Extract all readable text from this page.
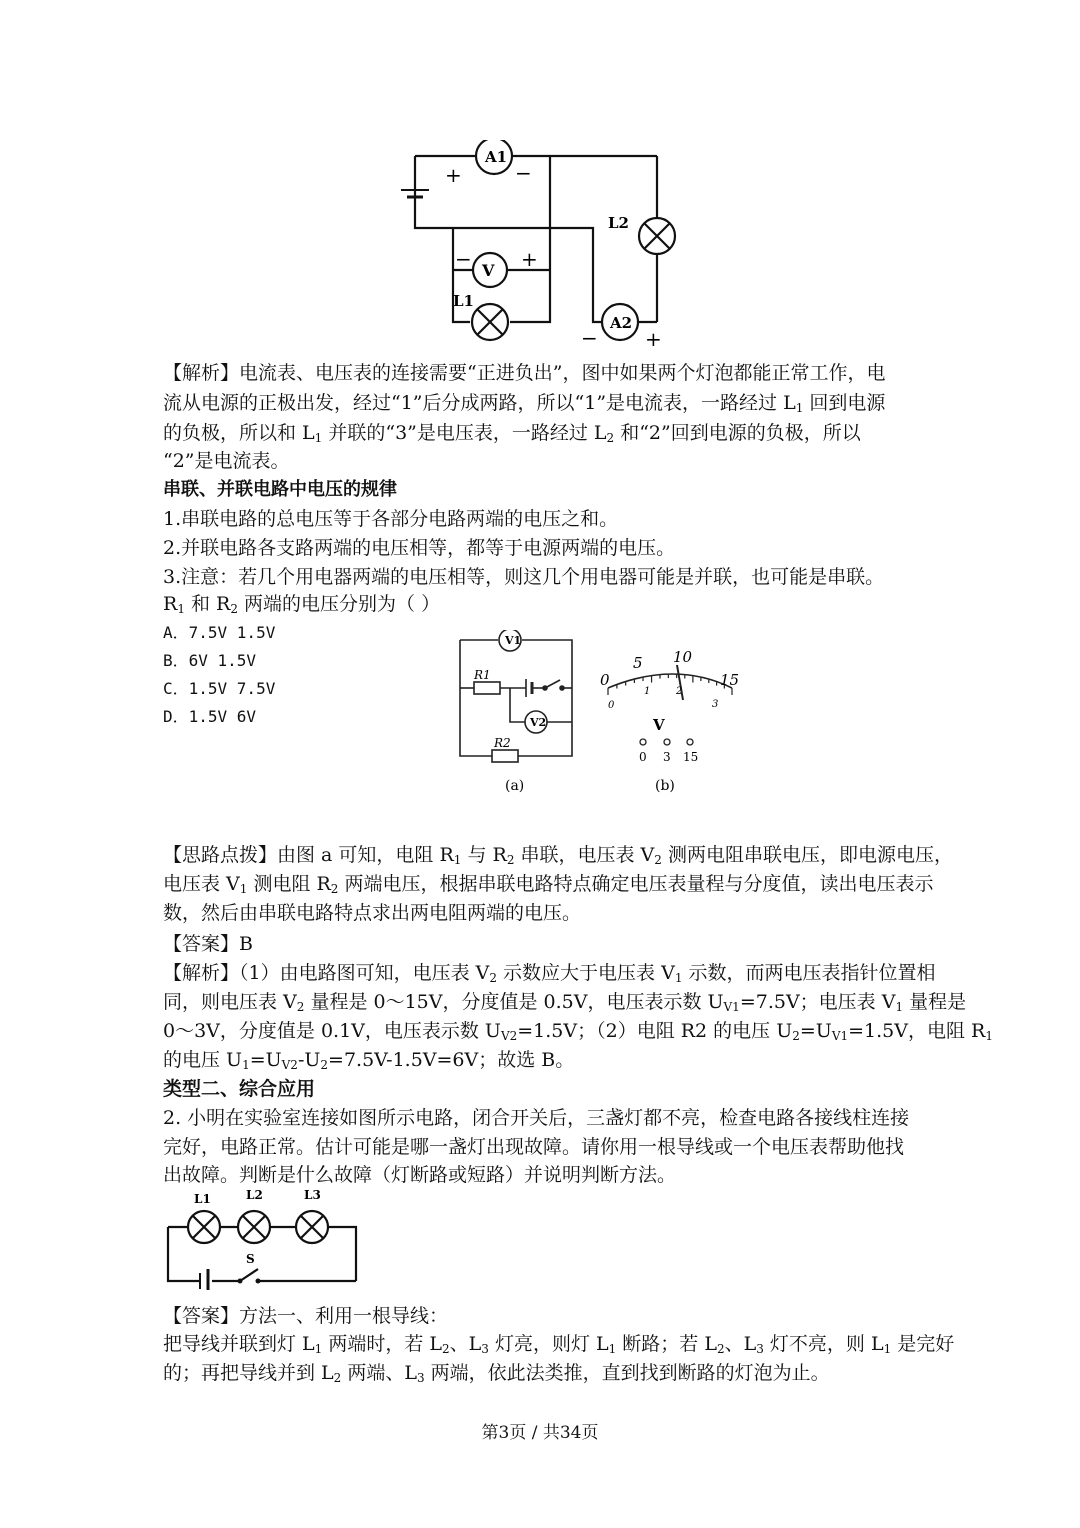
A1
V
A2
L1
L2
+	−
− +
− +

【解析】电流表、电压表的连接需要“正进负出”，图中如果两个灯泡都能正常工作，电

流从电源的正极出发，经过“1”后分成两路，所以“1”是电流表，一路经过 $L_1$ 回到电源

的负极，所以和 $L_1$ 并联的“3”是电压表，一路经过 $L_2$ 和“2”回到电源的负极，所以

“2”是电流表。

串联、并联电路中电压的规律

1.串联电路的总电压等于各部分电路两端的电压之和。

2.并联电路各支路两端的电压相等，都等于电源两端的电压。

3.注意：若几个用电器两端的电压相等，则这几个用电器可能是并联，也可能是串联。

$R_1$ 和 $R_2$ 两端的电压分别为（ ）

A．7.5V 1.5V

B．6V 1.5V

C．1.5V 7.5V

D．1.5V 6V

V1
V2
R1
R2
(a)
0
5 10
15
0
1	2
3
V
0 3 15
(b)

【思路点拨】由图 a 可知，电阻 $R_1$ 与 $R_2$ 串联，电压表 $V_2$ 测两电阻串联电压，即电源电压，

电压表 $V_1$ 测电阻 $R_2$ 两端电压，根据串联电路特点确定电压表量程与分度值，读出电压表示

数，然后由串联电路特点求出两电阻两端的电压。

【答案】B

【解析】（1）由电路图可知，电压表 $V_2$ 示数应大于电压表 $V_1$ 示数，而两电压表指针位置相

同，则电压表 $V_2$ 量程是 0～15V，分度值是 0.5V，电压表示数 $U_{V1}=7.5V$；电压表 $V_1$ 量程是

0～3V，分度值是 0.1V，电压表示数 $U_{V2}=1.5V$；（2）电阻 R2 的电压 $U_2=U_{V1}=1.5V$，电阻 $R_1$

的电压 $U_1=U_{V2}-U_2=7.5V-1.5V=6V$；故选 B。

类型二、综合应用

2. 小明在实验室连接如图所示电路，闭合开关后，三盏灯都不亮，检查电路各接线柱连接

完好，电路正常。估计可能是哪一盏灯出现故障。请你用一根导线或一个电压表帮助他找

出故障。判断是什么故障（灯断路或短路）并说明判断方法。

L1	L2	L3
S

【答案】方法一、利用一根导线：

把导线并联到灯 $L_1$ 两端时，若 $L_2$、$L_3$ 灯亮，则灯 $L_1$ 断路；若 $L_2$、$L_3$ 灯不亮，则 $L_1$ 是完好

的；再把导线并到 $L_2$ 两端、$L_3$ 两端，依此法类推，直到找到断路的灯泡为止。

第3页 / 共34页
